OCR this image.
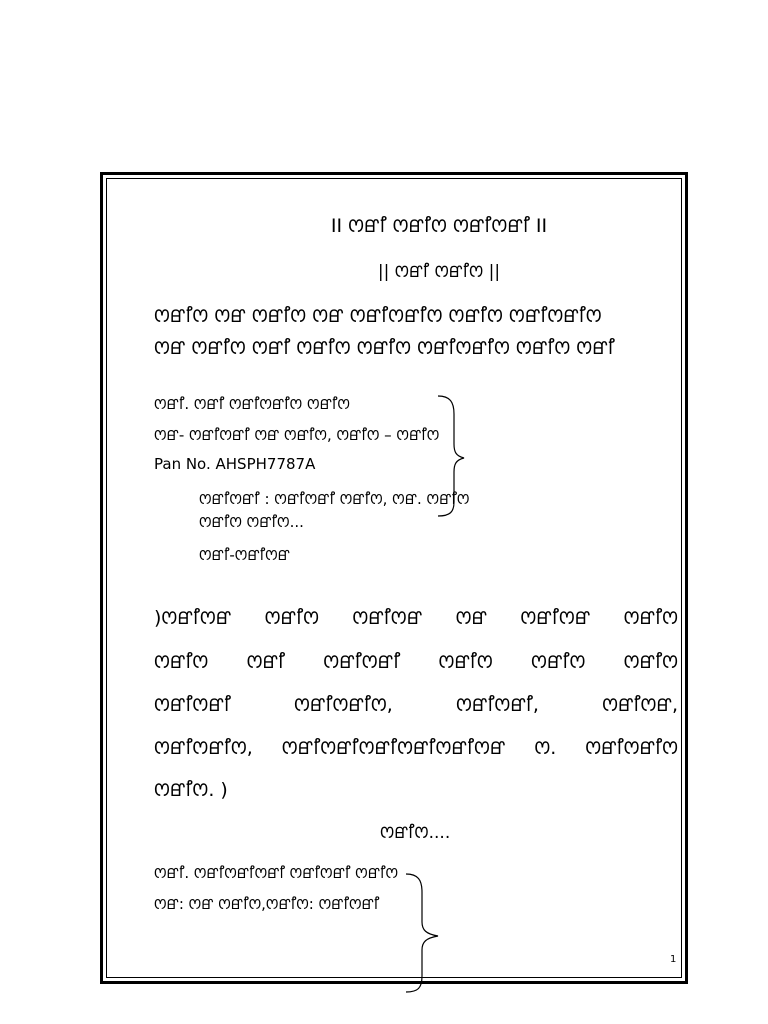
II ꯁꯔꯤ ꯁꯔꯤꯁ ꯁꯔꯤꯁꯔꯤ II
|| ꯁꯔꯤ ꯁꯔꯤꯁ ||
ꯁꯔꯤꯁ ꯁꯔ ꯁꯔꯤꯁ ꯁꯔ ꯁꯔꯤꯁꯔꯤꯁ ꯁꯔꯤꯁ ꯁꯔꯤꯁꯔꯤꯁ
ꯁꯔ ꯁꯔꯤꯁ ꯁꯔꯤ ꯁꯔꯤꯁ ꯁꯔꯤꯁ ꯁꯔꯤꯁꯔꯤꯁ ꯁꯔꯤꯁ ꯁꯔꯤ
ꯁꯔꯤ. ꯁꯔꯤ ꯁꯔꯤꯁꯔꯤꯁ ꯁꯔꯤꯁ
ꯁꯔ- ꯁꯔꯤꯁꯔꯤ ꯁꯔ ꯁꯔꯤꯁ, ꯁꯔꯤꯁ – ꯁꯔꯤꯁ
Pan No. AHSPH7787A
ꯁꯔꯤꯁꯔꯤ : ꯁꯔꯤꯁꯔꯤ ꯁꯔꯤꯁ, ꯁꯔ. ꯁꯔꯤꯁ
ꯁꯔꯤꯁ ꯁꯔꯤꯁ...
ꯁꯔꯤ-ꯁꯔꯤꯁꯔ
)ꯁꯔꯤꯁꯔ ꯁꯔꯤꯁ ꯁꯔꯤꯁꯔ ꯁꯔ ꯁꯔꯤꯁꯔ ꯁꯔꯤꯁ
ꯁꯔꯤꯁ ꯁꯔꯤ ꯁꯔꯤꯁꯔꯤ ꯁꯔꯤꯁ ꯁꯔꯤꯁ ꯁꯔꯤꯁ
ꯁꯔꯤꯁꯔꯤ ꯁꯔꯤꯁꯔꯤꯁ, ꯁꯔꯤꯁꯔꯤ, ꯁꯔꯤꯁꯔ,
ꯁꯔꯤꯁꯔꯤꯁ, ꯁꯔꯤꯁꯔꯤꯁꯔꯤꯁꯔꯤꯁꯔꯤꯁꯔ ꯁ. ꯁꯔꯤꯁꯔꯤꯁ
ꯁꯔꯤꯁ. )
ꯁꯔꯤꯁ....
ꯁꯔꯤ. ꯁꯔꯤꯁꯔꯤꯁꯔꯤ ꯁꯔꯤꯁꯔꯤ ꯁꯔꯤꯁ
ꯁꯔ: ꯁꯔ ꯁꯔꯤꯁ,ꯁꯔꯤꯁ: ꯁꯔꯤꯁꯔꯤ
1
